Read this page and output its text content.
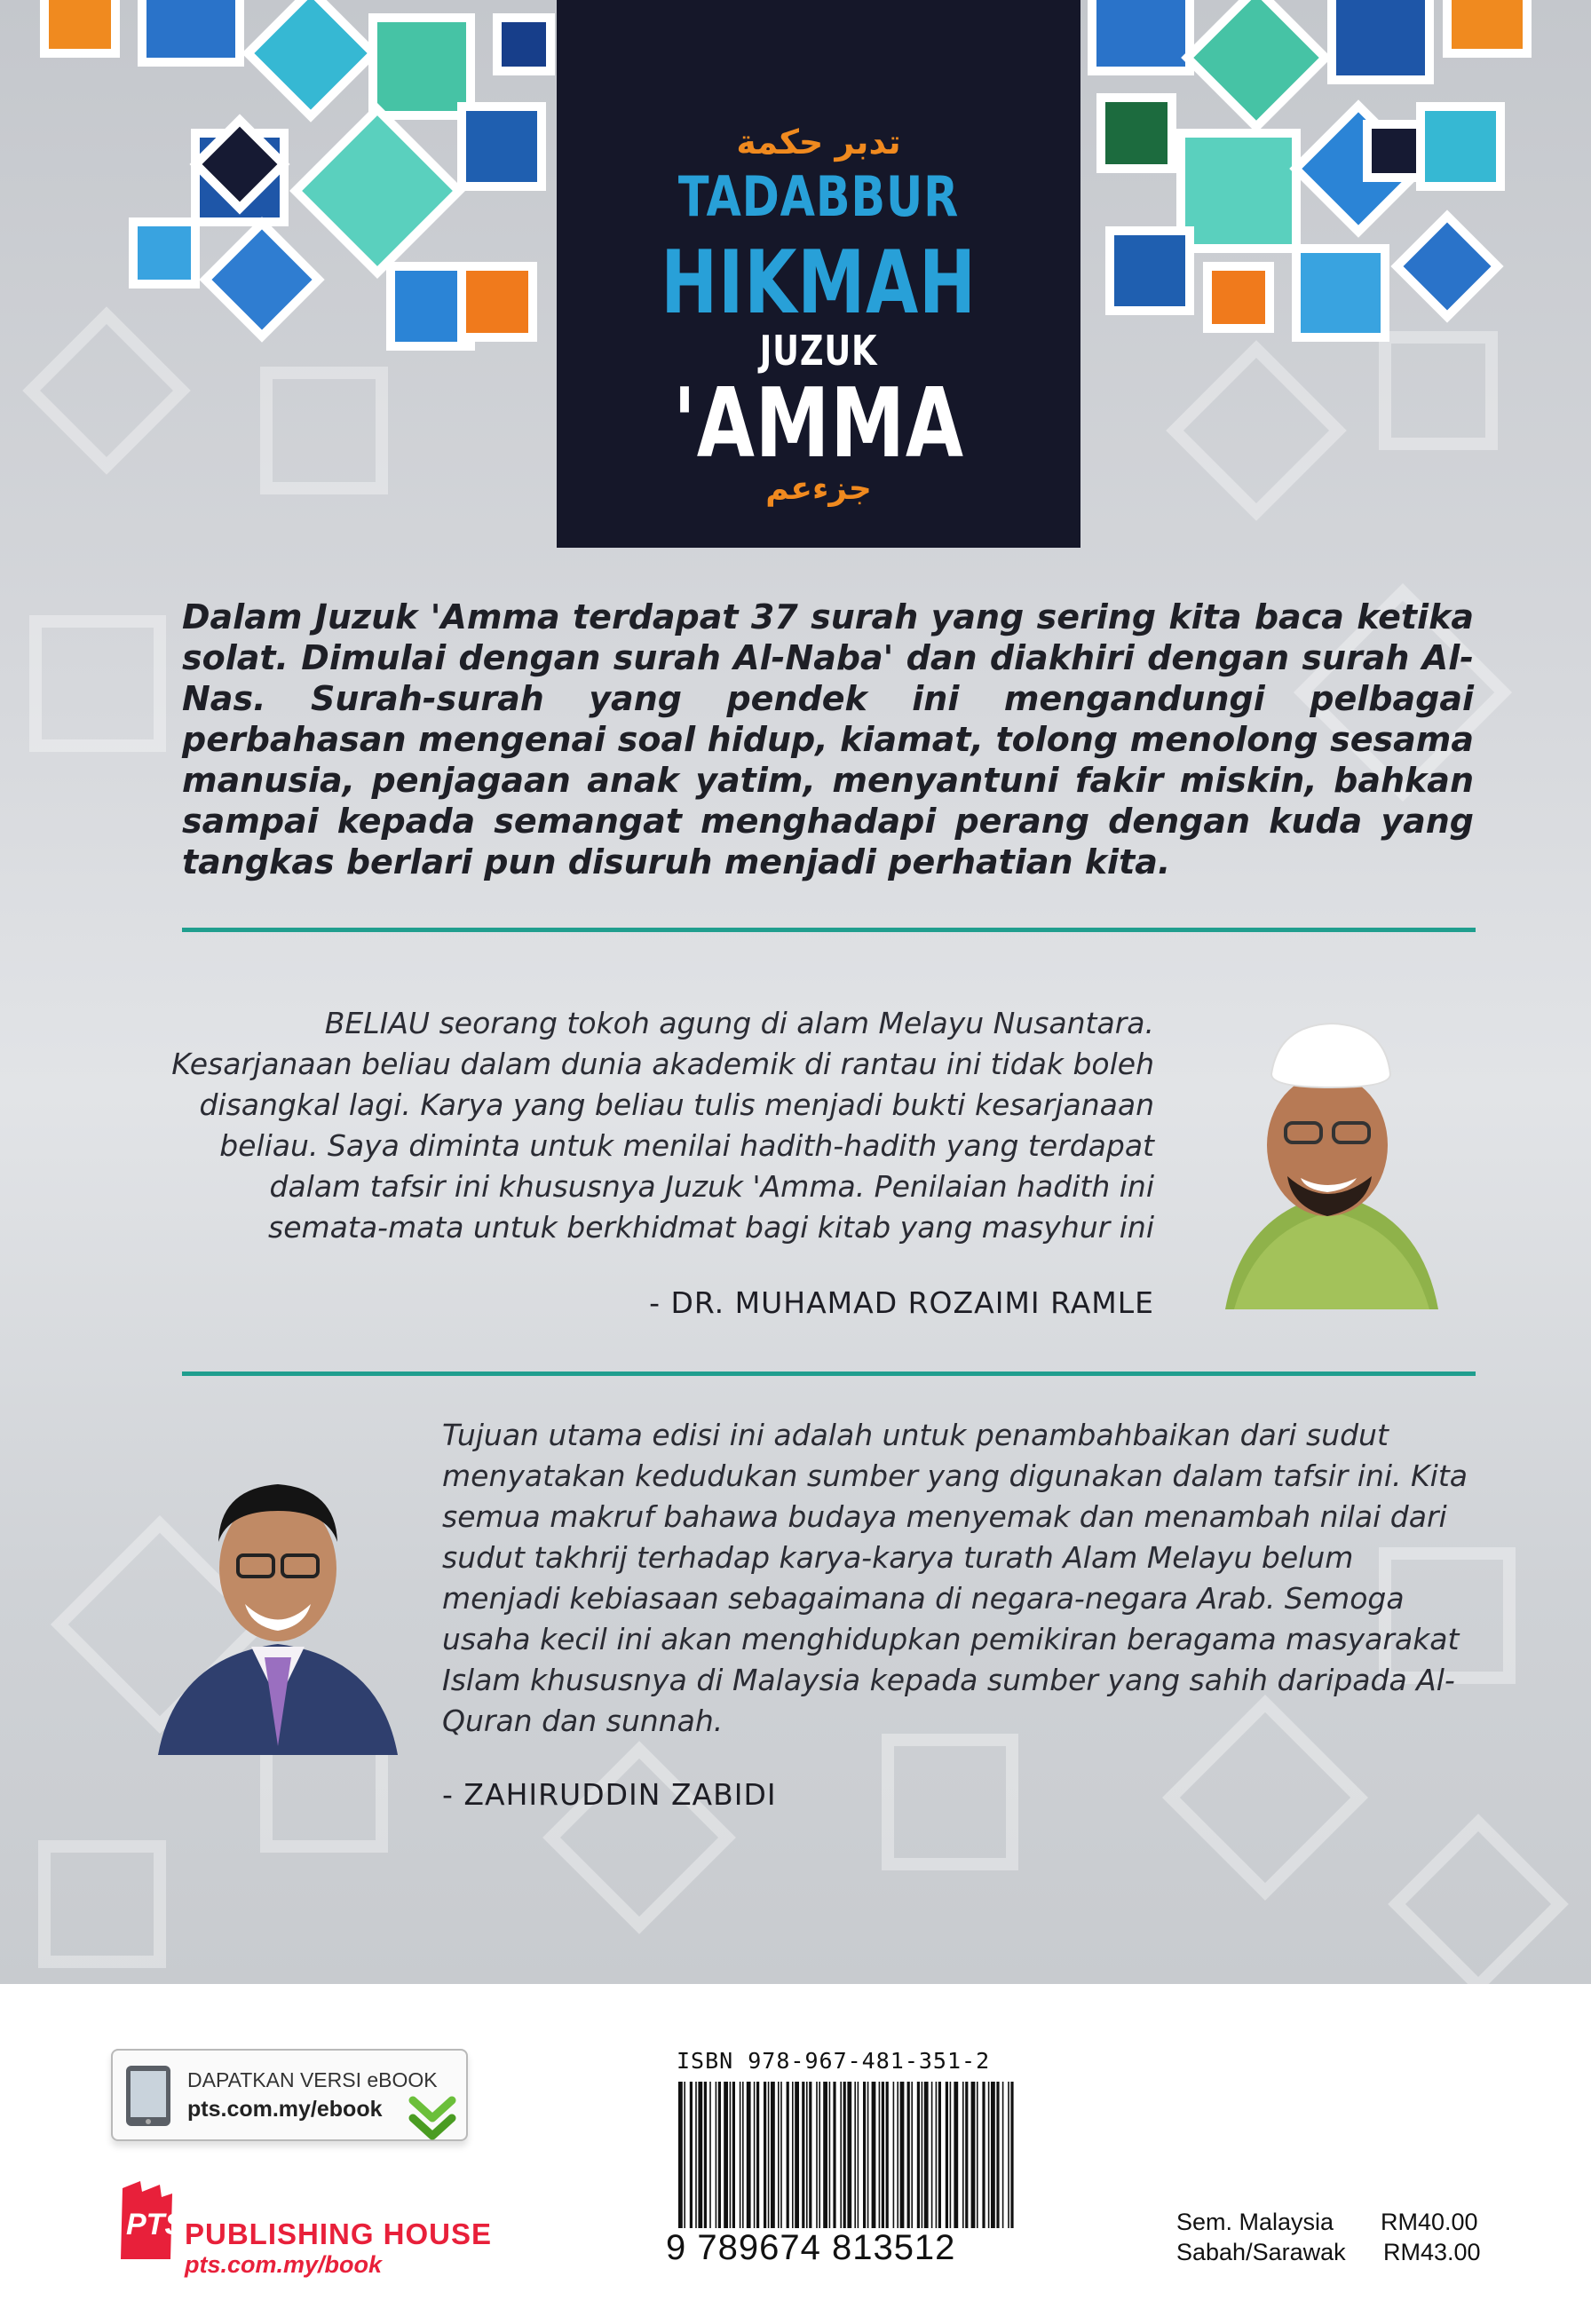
تدبر حكمة
TADABBUR
HIKMAH
JUZUK
'AMMA
جزءعم
Dalam Juzuk 'Amma terdapat 37 surah yang sering kita baca ketika solat. Dimulai dengan surah Al-Naba' dan diakhiri dengan surah Al-Nas. Surah-surah yang pendek ini mengandungi pelbagai perbahasan mengenai soal hidup, kiamat, tolong menolong sesama manusia, penjagaan anak yatim, menyantuni fakir miskin, bahkan sampai kepada semangat menghadapi perang dengan kuda yang tangkas berlari pun disuruh menjadi perhatian kita.
BELIAU seorang tokoh agung di alam Melayu Nusantara. Kesarjanaan beliau dalam dunia akademik di rantau ini tidak boleh disangkal lagi. Karya yang beliau tulis menjadi bukti kesarjanaan beliau. Saya diminta untuk menilai hadith-hadith yang terdapat dalam tafsir ini khususnya Juzuk 'Amma. Penilaian hadith ini semata-mata untuk berkhidmat bagi kitab yang masyhur ini
- DR. MUHAMAD ROZAIMI RAMLE
Tujuan utama edisi ini adalah untuk penambahbaikan dari sudut menyatakan kedudukan sumber yang digunakan dalam tafsir ini. Kita semua makruf bahawa budaya menyemak dan menambah nilai dari sudut takhrij terhadap karya-karya turath Alam Melayu belum menjadi kebiasaan sebagaimana di negara-negara Arab. Semoga usaha kecil ini akan menghidupkan pemikiran beragama masyarakat Islam khususnya di Malaysia kepada sumber yang sahih daripada Al-Quran dan sunnah.
- ZAHIRUDDIN ZABIDI
DAPATKAN VERSI eBOOK
pts.com.my/ebook
PTS PUBLISHING HOUSE
pts.com.my/book
ISBN 978-967-481-351-2
9 789674 813512
Sem. Malaysia RM40.00
Sabah/Sarawak RM43.00
